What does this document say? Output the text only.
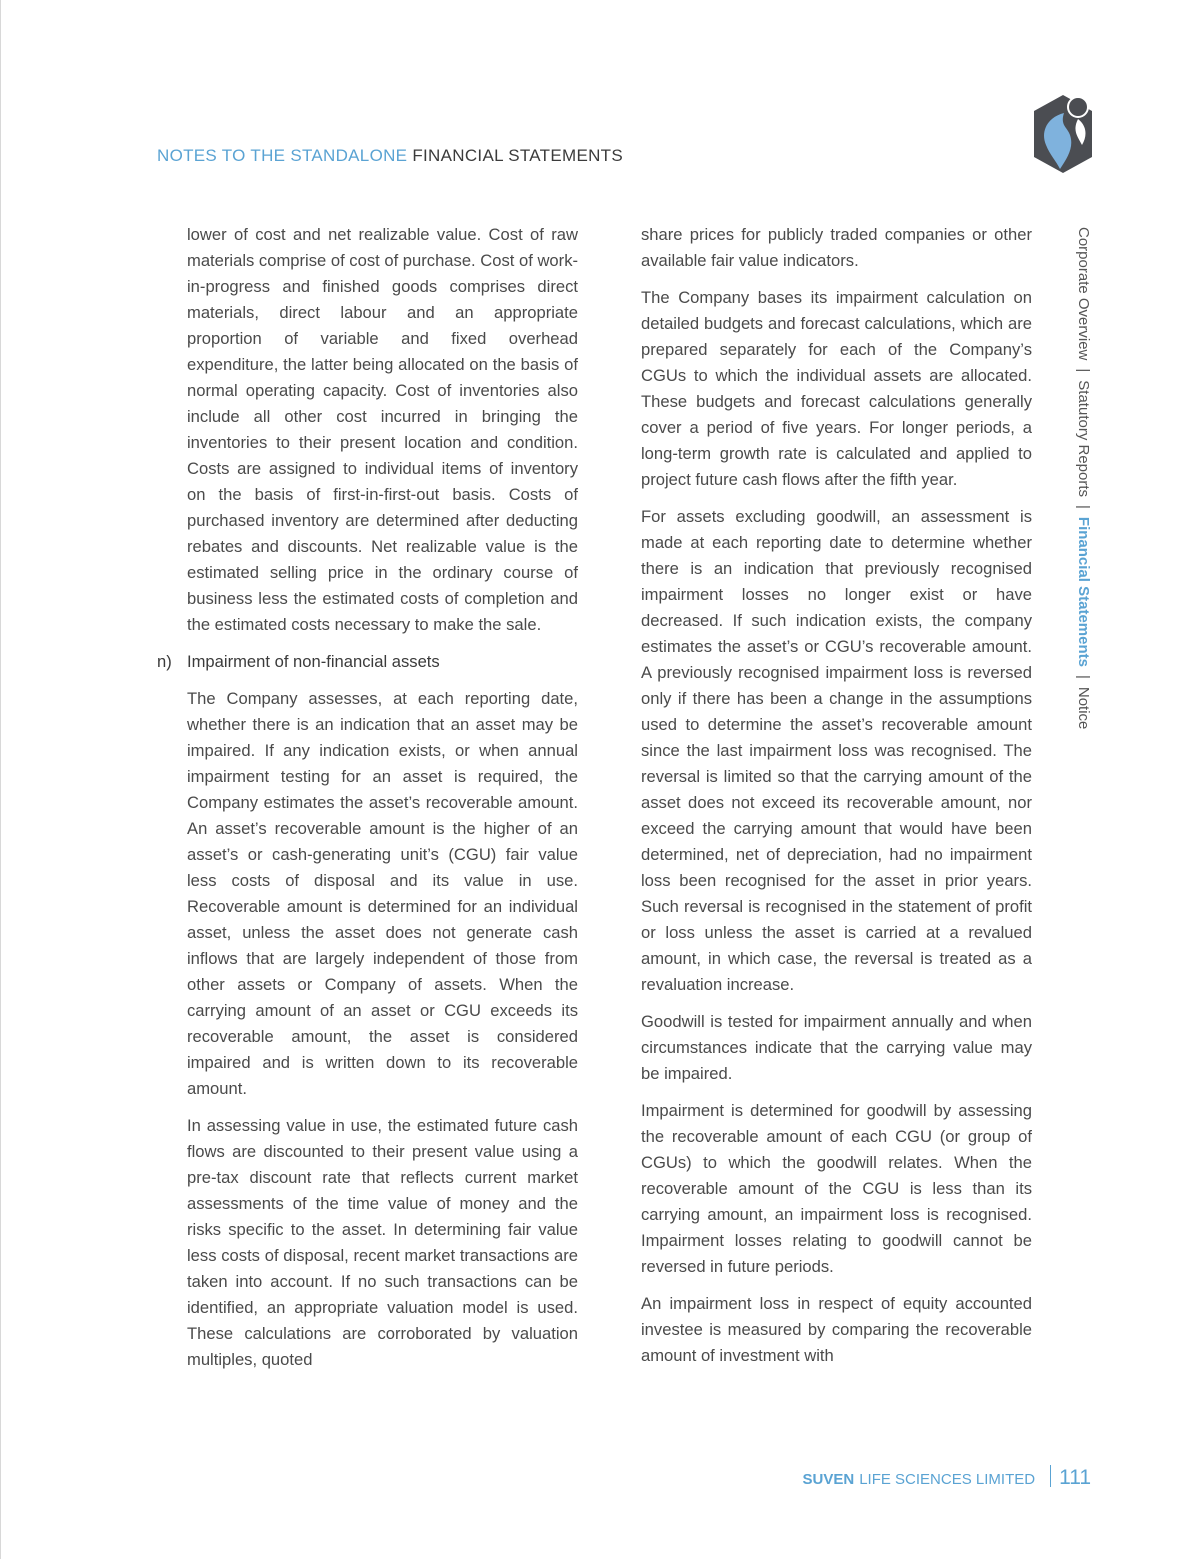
NOTES TO THE STANDALONE FINANCIAL STATEMENTS

lower of cost and net realizable value. Cost of raw materials comprise of cost of purchase. Cost of work-in-progress and finished goods comprises direct materials, direct labour and an appropriate proportion of variable and fixed overhead expenditure, the latter being allocated on the basis of normal operating capacity. Cost of inventories also include all other cost incurred in bringing the inventories to their present location and condition. Costs are assigned to individual items of inventory on the basis of first-in-first-out basis. Costs of purchased inventory are determined after deducting rebates and discounts. Net realizable value is the estimated selling price in the ordinary course of business less the estimated costs of completion and the estimated costs necessary to make the sale.

n) Impairment of non-financial assets

The Company assesses, at each reporting date, whether there is an indication that an asset may be impaired. If any indication exists, or when annual impairment testing for an asset is required, the Company estimates the asset’s recoverable amount. An asset’s recoverable amount is the higher of an asset’s or cash-generating unit’s (CGU) fair value less costs of disposal and its value in use. Recoverable amount is determined for an individual asset, unless the asset does not generate cash inflows that are largely independent of those from other assets or Company of assets. When the carrying amount of an asset or CGU exceeds its recoverable amount, the asset is considered impaired and is written down to its recoverable amount.

In assessing value in use, the estimated future cash flows are discounted to their present value using a pre-tax discount rate that reflects current market assessments of the time value of money and the risks specific to the asset. In determining fair value less costs of disposal, recent market transactions are taken into account. If no such transactions can be identified, an appropriate valuation model is used. These calculations are corroborated by valuation multiples, quoted

share prices for publicly traded companies or other available fair value indicators.

The Company bases its impairment calculation on detailed budgets and forecast calculations, which are prepared separately for each of the Company’s CGUs to which the individual assets are allocated. These budgets and forecast calculations generally cover a period of five years. For longer periods, a long-term growth rate is calculated and applied to project future cash flows after the fifth year.

For assets excluding goodwill, an assessment is made at each reporting date to determine whether there is an indication that previously recognised impairment losses no longer exist or have decreased. If such indication exists, the company estimates the asset’s or CGU’s recoverable amount. A previously recognised impairment loss is reversed only if there has been a change in the assumptions used to determine the asset’s recoverable amount since the last impairment loss was recognised. The reversal is limited so that the carrying amount of the asset does not exceed its recoverable amount, nor exceed the carrying amount that would have been determined, net of depreciation, had no impairment loss been recognised for the asset in prior years. Such reversal is recognised in the statement of profit or loss unless the asset is carried at a revalued amount, in which case, the reversal is treated as a revaluation increase.

Goodwill is tested for impairment annually and when circumstances indicate that the carrying value may be impaired.

Impairment is determined for goodwill by assessing the recoverable amount of each CGU (or group of CGUs) to which the goodwill relates. When the recoverable amount of the CGU is less than its carrying amount, an impairment loss is recognised. Impairment losses relating to goodwill cannot be reversed in future periods.

An impairment loss in respect of equity accounted investee is measured by comparing the recoverable amount of investment with

Corporate Overview|Statutory Reports|Financial Statements|Notice
SUVEN LIFE SCIENCES LIMITED 111
